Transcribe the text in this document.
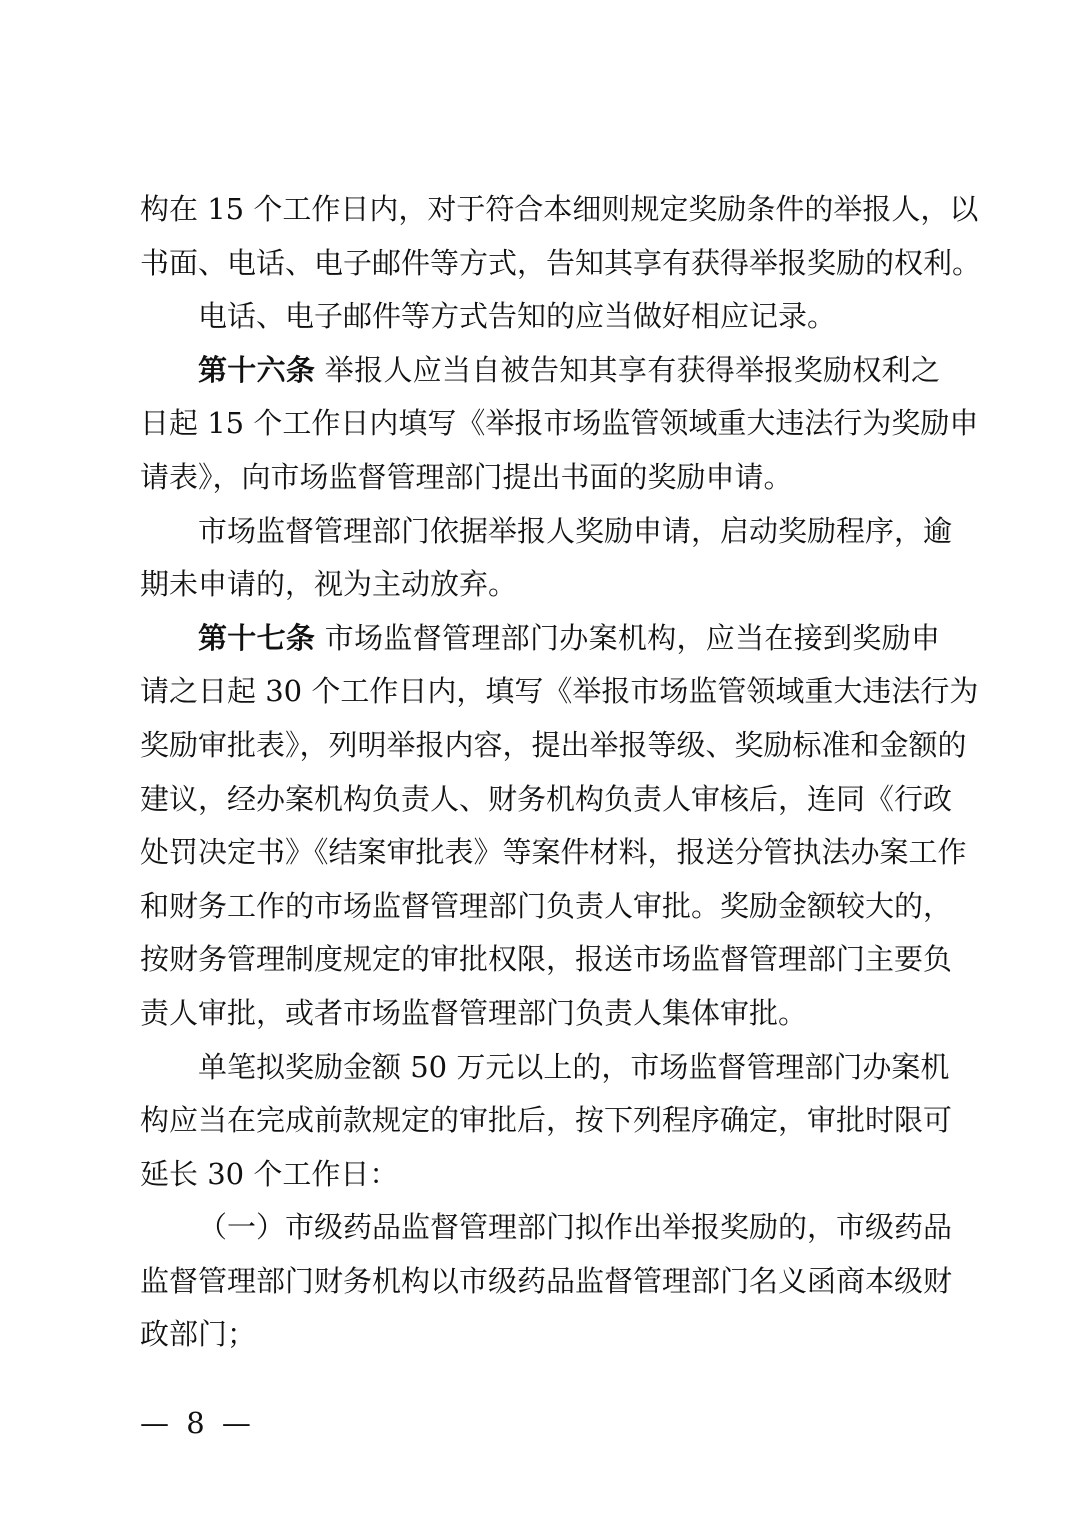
构在 15 个工作日内，对于符合本细则规定奖励条件的举报人，以
书面、电话、电子邮件等方式，告知其享有获得举报奖励的权利。
电话、电子邮件等方式告知的应当做好相应记录。
第十六条 举报人应当自被告知其享有获得举报奖励权利之
日起 15 个工作日内填写《举报市场监管领域重大违法行为奖励申
请表》，向市场监督管理部门提出书面的奖励申请。
市场监督管理部门依据举报人奖励申请，启动奖励程序，逾
期未申请的，视为主动放弃。
第十七条 市场监督管理部门办案机构，应当在接到奖励申
请之日起 30 个工作日内，填写《举报市场监管领域重大违法行为
奖励审批表》，列明举报内容，提出举报等级、奖励标准和金额的
建议，经办案机构负责人、财务机构负责人审核后，连同《行政
处罚决定书》《结案审批表》等案件材料，报送分管执法办案工作
和财务工作的市场监督管理部门负责人审批。奖励金额较大的，
按财务管理制度规定的审批权限，报送市场监督管理部门主要负
责人审批，或者市场监督管理部门负责人集体审批。
单笔拟奖励金额 50 万元以上的，市场监督管理部门办案机
构应当在完成前款规定的审批后，按下列程序确定，审批时限可
延长 30 个工作日：
（一）市级药品监督管理部门拟作出举报奖励的，市级药品
监督管理部门财务机构以市级药品监督管理部门名义函商本级财
政部门；
— 8 —
